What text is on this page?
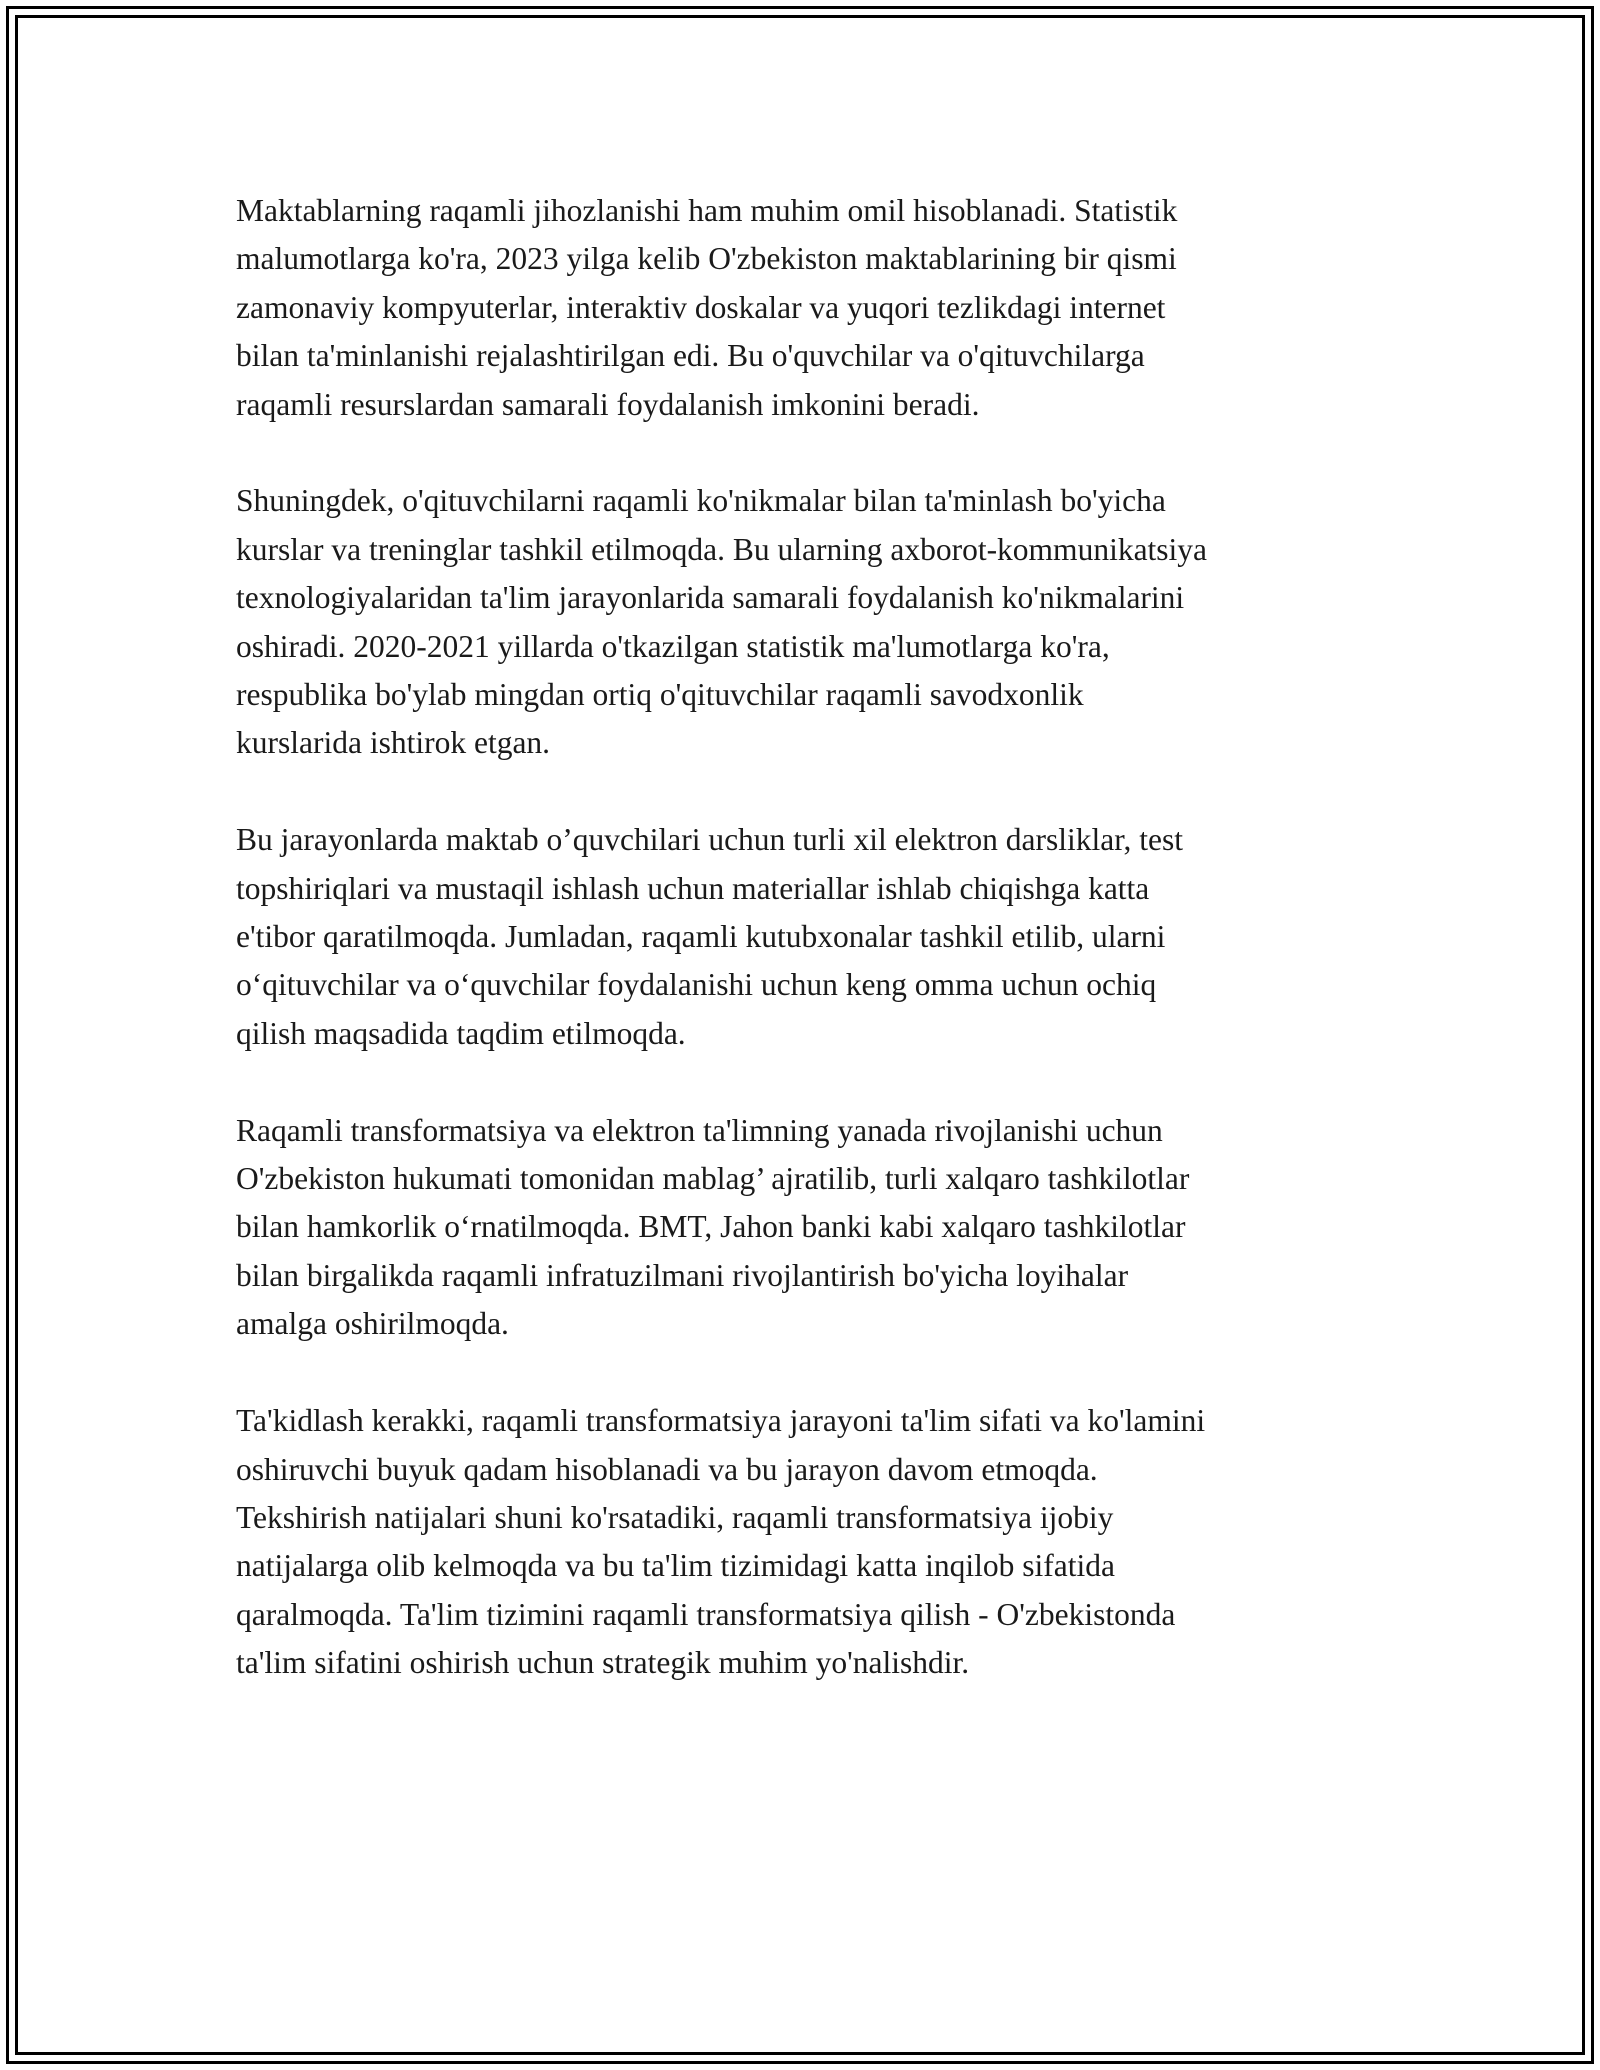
Maktablarning raqamli jihozlanishi ham muhim omil hisoblanadi. Statistik
malumotlarga ko'ra, 2023 yilga kelib O'zbekiston maktablarining bir qismi
zamonaviy kompyuterlar, interaktiv doskalar va yuqori tezlikdagi internet
bilan ta'minlanishi rejalashtirilgan edi. Bu o'quvchilar va o'qituvchilarga
raqamli resurslardan samarali foydalanish imkonini beradi.

Shuningdek, o'qituvchilarni raqamli ko'nikmalar bilan ta'minlash bo'yicha
kurslar va treninglar tashkil etilmoqda. Bu ularning axborot-kommunikatsiya
texnologiyalaridan ta'lim jarayonlarida samarali foydalanish ko'nikmalarini
oshiradi. 2020-2021 yillarda o'tkazilgan statistik ma'lumotlarga ko'ra,
respublika bo'ylab mingdan ortiq o'qituvchilar raqamli savodxonlik
kurslarida ishtirok etgan.

Bu jarayonlarda maktab o’quvchilari uchun turli xil elektron darsliklar, test
topshiriqlari va mustaqil ishlash uchun materiallar ishlab chiqishga katta
e'tibor qaratilmoqda. Jumladan, raqamli kutubxonalar tashkil etilib, ularni
o‘qituvchilar va o‘quvchilar foydalanishi uchun keng omma uchun ochiq
qilish maqsadida taqdim etilmoqda.

Raqamli transformatsiya va elektron ta'limning yanada rivojlanishi uchun
O'zbekiston hukumati tomonidan mablag’ ajratilib, turli xalqaro tashkilotlar
bilan hamkorlik o‘rnatilmoqda. BMT, Jahon banki kabi xalqaro tashkilotlar
bilan birgalikda raqamli infratuzilmani rivojlantirish bo'yicha loyihalar
amalga oshirilmoqda.

Ta'kidlash kerakki, raqamli transformatsiya jarayoni ta'lim sifati va ko'lamini
oshiruvchi buyuk qadam hisoblanadi va bu jarayon davom etmoqda.
Tekshirish natijalari shuni ko'rsatadiki, raqamli transformatsiya ijobiy
natijalarga olib kelmoqda va bu ta'lim tizimidagi katta inqilob sifatida
qaralmoqda. Ta'lim tizimini raqamli transformatsiya qilish - O'zbekistonda
ta'lim sifatini oshirish uchun strategik muhim yo'nalishdir.
